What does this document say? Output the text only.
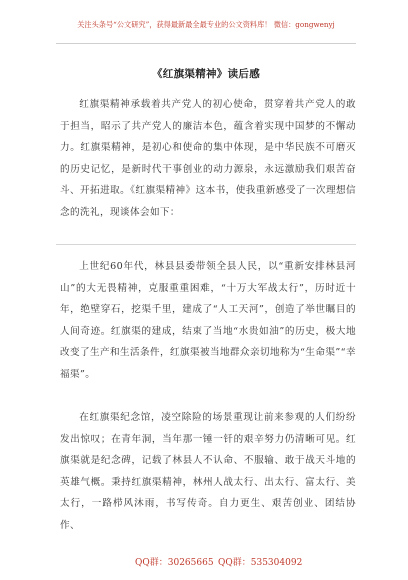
关注头条号“公文研究”，获得最新最全最专业的公文资料库！ 微信：gongwenyj
《红旗渠精神》读后感

红旗渠精神承载着共产党人的初心使命，贯穿着共产党人的敢于担当，昭示了共产党人的廉洁本色，蕴含着实现中国梦的不懈动力。红旗渠精神，是初心和使命的集中体现，是中华民族不可磨灭的历史记忆，是新时代干事创业的动力源泉，永远激励我们艰苦奋斗、开拓进取。《红旗渠精神》这本书，使我重新感受了一次理想信念的洗礼，现谈体会如下：

上世纪60年代，林县县委带领全县人民，以“重新安排林县河山”的大无畏精神，克服重重困难，“十万大军战太行”，历时近十年，绝壁穿石，挖渠千里，建成了“人工天河”，创造了举世瞩目的人间奇迹。红旗渠的建成，结束了当地“水贵如油”的历史，极大地改变了生产和生活条件，红旗渠被当地群众亲切地称为“生命渠”“幸福渠”。

在红旗渠纪念馆，凌空除险的场景重现让前来参观的人们纷纷发出惊叹；在青年洞，当年那一锤一钎的艰辛努力仍清晰可见。红旗渠就是纪念碑，记载了林县人不认命、不服输、敢于战天斗地的英雄气概。秉持红旗渠精神，林州人战太行、出太行、富太行、美太行，一路栉风沐雨，书写传奇。自力更生、艰苦创业、团结协作、

QQ群：30265665 QQ群：535304092
